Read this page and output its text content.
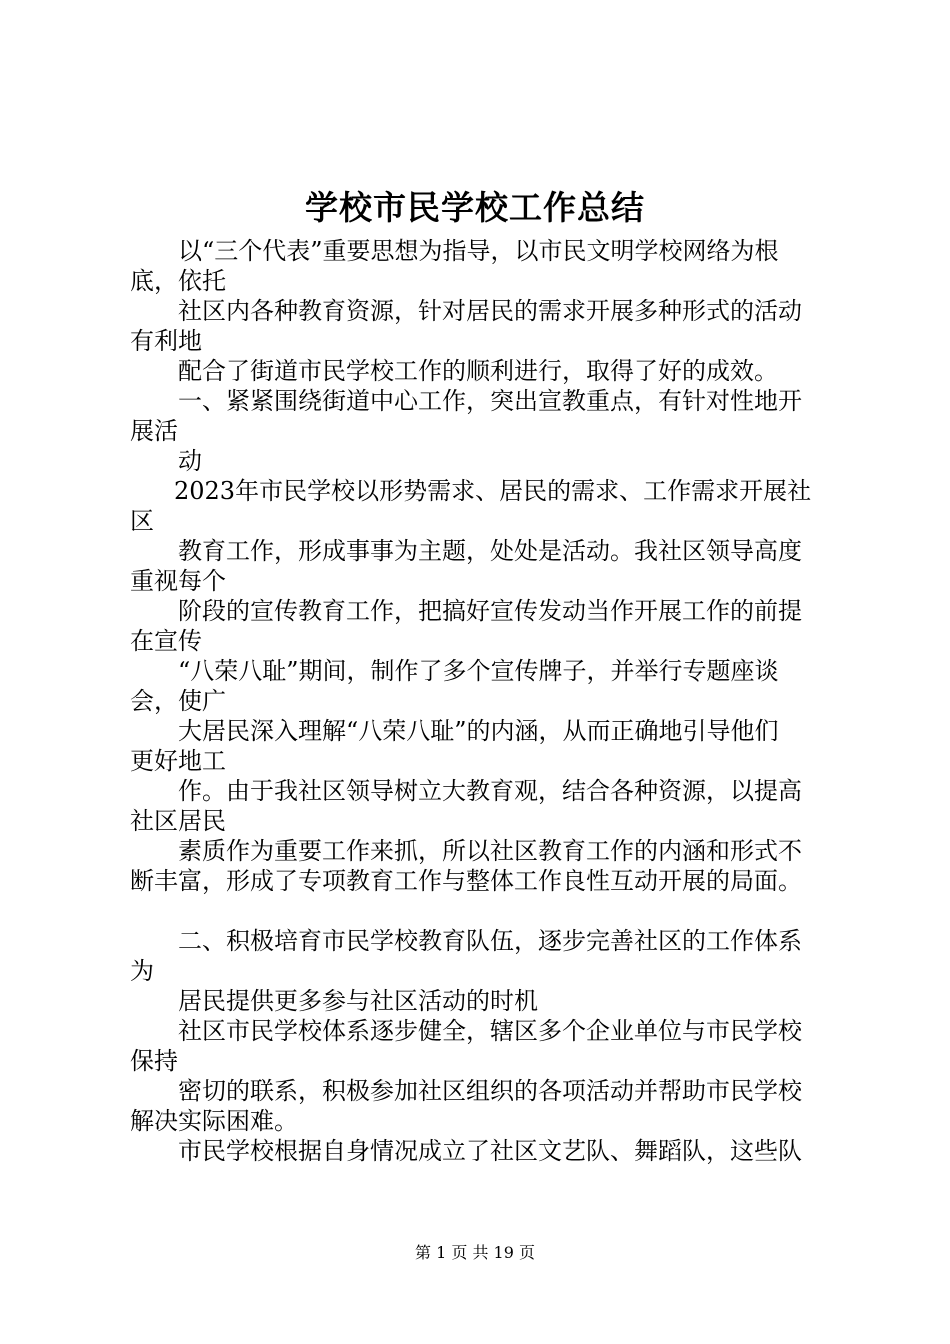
学校市民学校工作总结
以“三个代表”重要思想为指导，以市民文明学校网络为根
底，依托
社区内各种教育资源，针对居民的需求开展多种形式的活动
有利地
配合了街道市民学校工作的顺利进行，取得了好的成效。
一、紧紧围绕街道中心工作，突出宣教重点，有针对性地开
展活
动
2023年市民学校以形势需求、居民的需求、工作需求开展社
区
教育工作，形成事事为主题，处处是活动。我社区领导高度
重视每个
阶段的宣传教育工作，把搞好宣传发动当作开展工作的前提
在宣传
“八荣八耻”期间，制作了多个宣传牌子，并举行专题座谈
会，使广
大居民深入理解“八荣八耻”的内涵，从而正确地引导他们
更好地工
作。由于我社区领导树立大教育观，结合各种资源，以提高
社区居民
素质作为重要工作来抓，所以社区教育工作的内涵和形式不
断丰富，形成了专项教育工作与整体工作良性互动开展的局面。
二、积极培育市民学校教育队伍，逐步完善社区的工作体系
为
居民提供更多参与社区活动的时机
社区市民学校体系逐步健全，辖区多个企业单位与市民学校
保持
密切的联系，积极参加社区组织的各项活动并帮助市民学校
解决实际困难。
市民学校根据自身情况成立了社区文艺队、舞蹈队，这些队
第 1 页 共 19 页
